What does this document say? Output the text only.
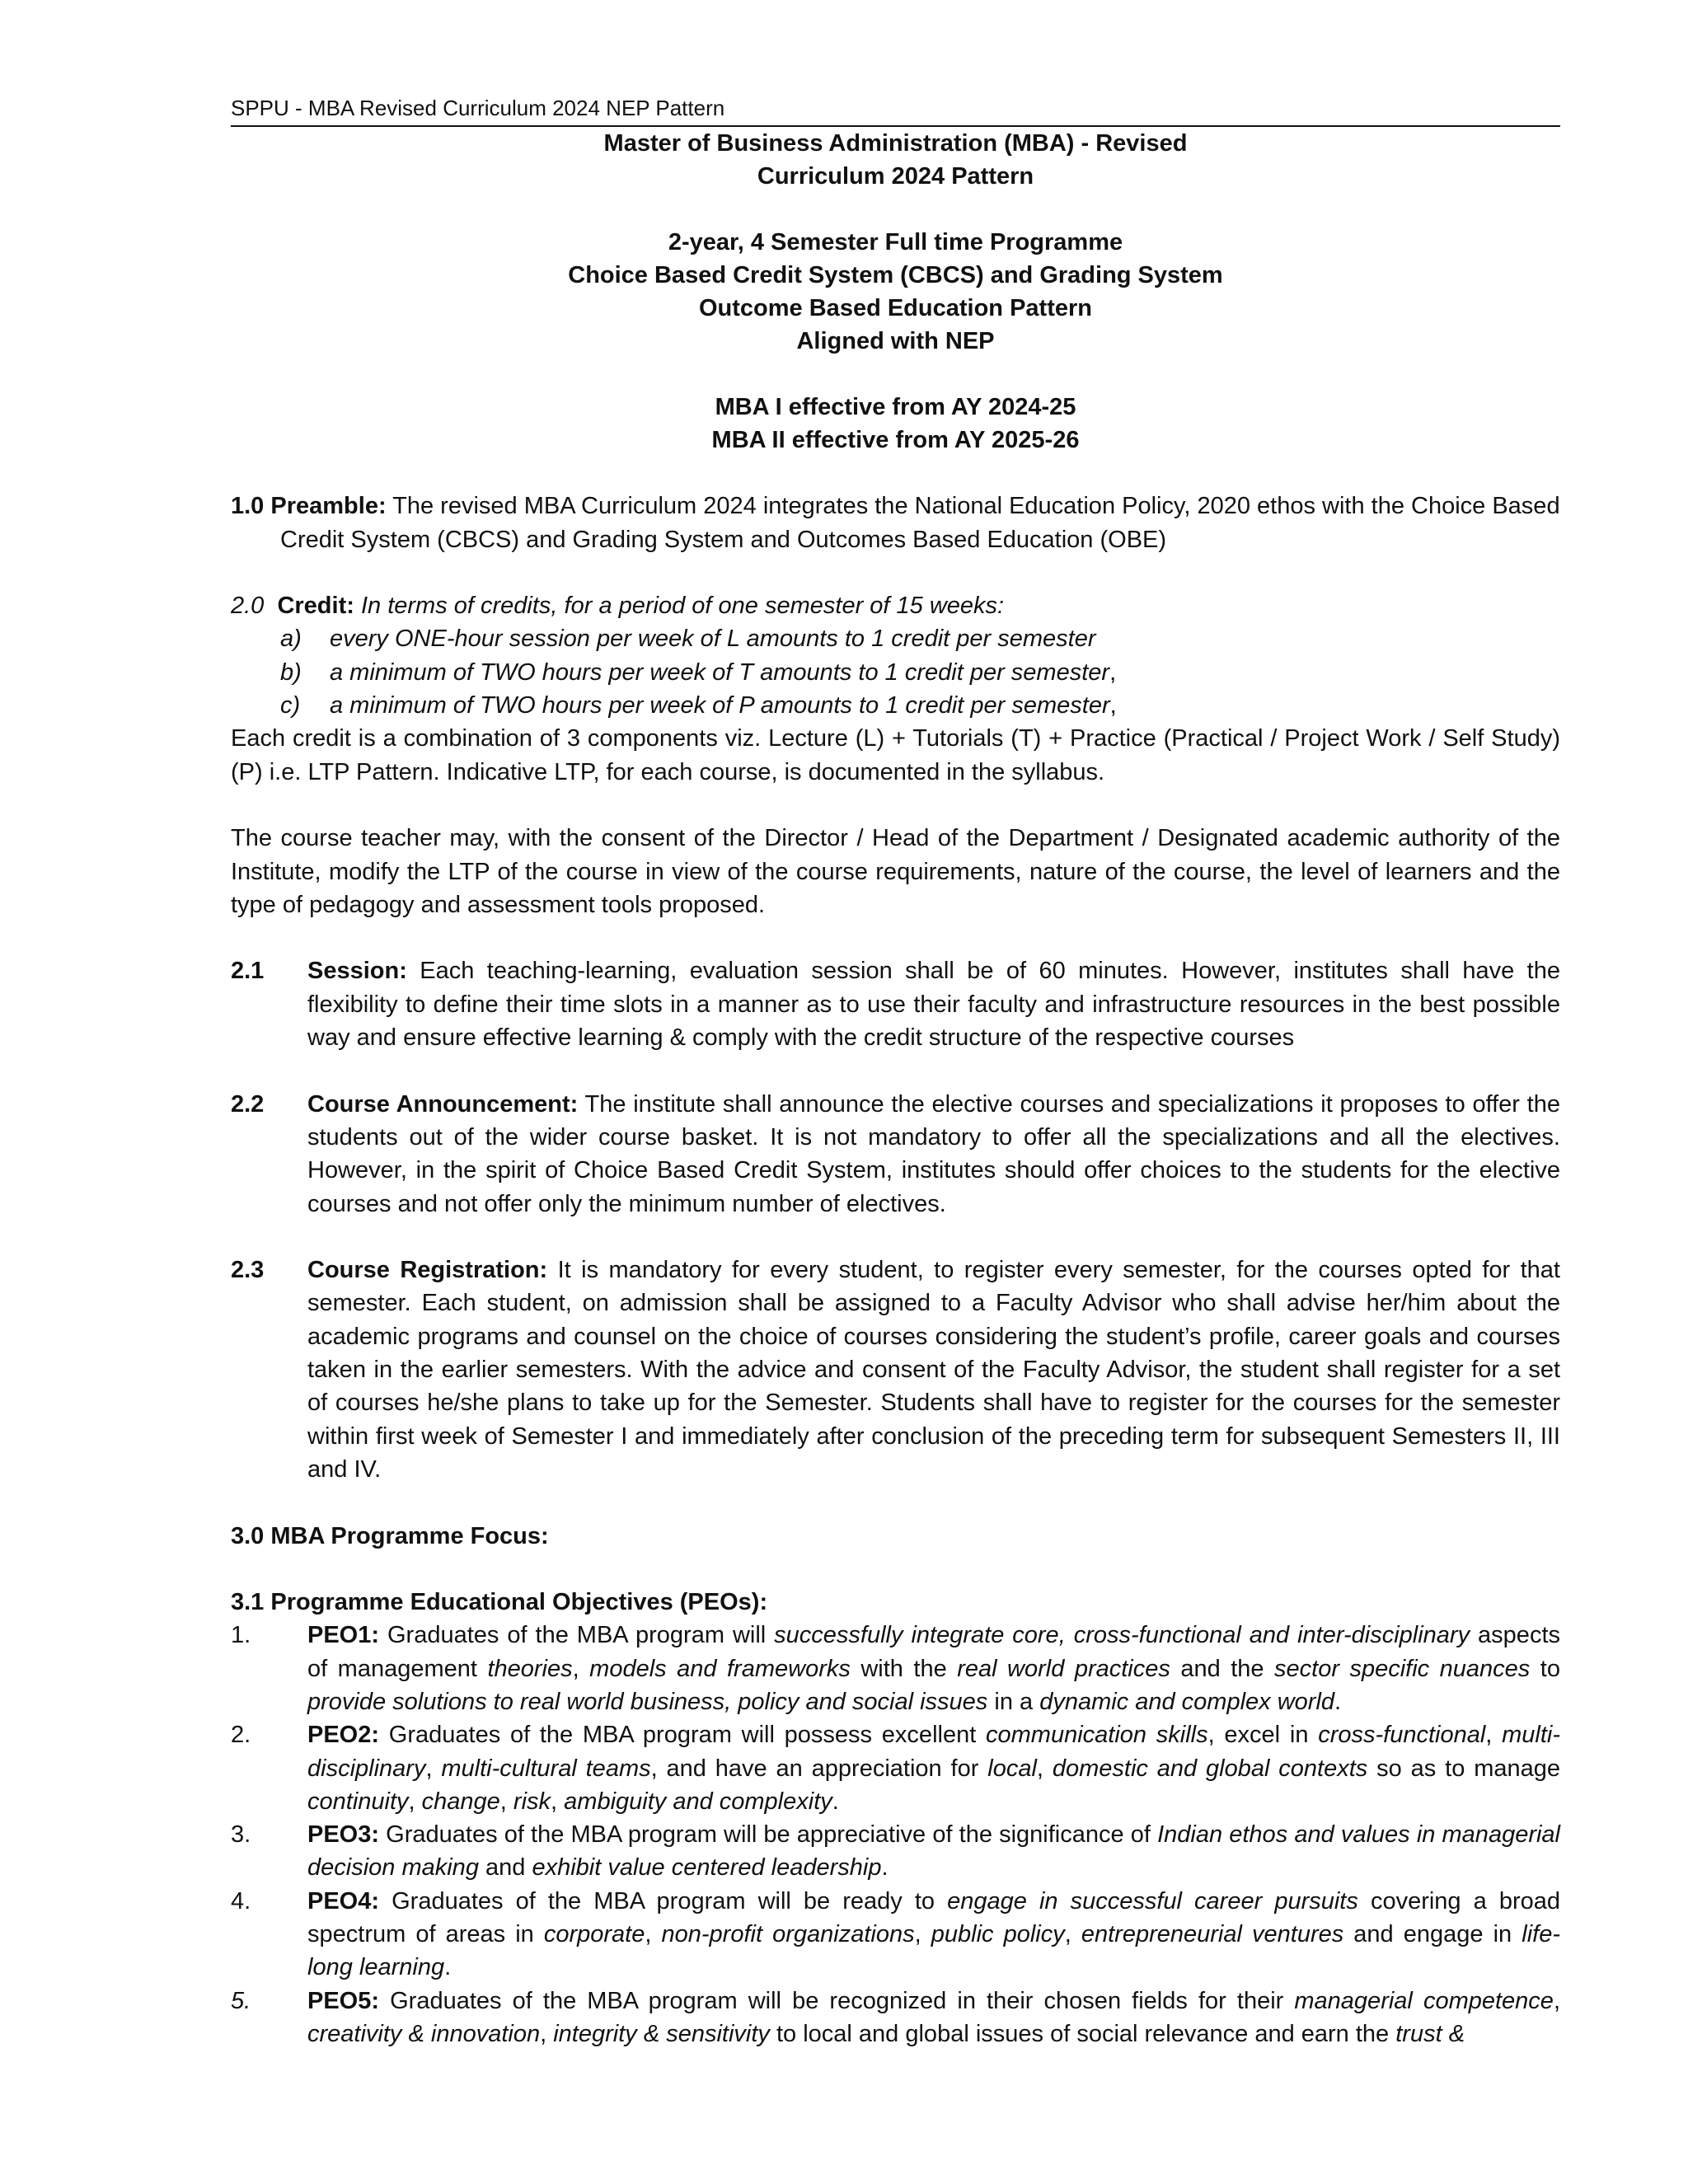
SPPU - MBA Revised Curriculum 2024 NEP Pattern
Master of Business Administration (MBA) - Revised
Curriculum 2024 Pattern
2-year, 4 Semester Full time Programme
Choice Based Credit System (CBCS) and Grading System
Outcome Based Education Pattern
Aligned with NEP
MBA I effective from AY 2024-25
MBA II effective from AY 2025-26

1.0 Preamble: The revised MBA Curriculum 2024 integrates the National Education Policy, 2020 ethos with the Choice Based Credit System (CBCS) and Grading System and Outcomes Based Education (OBE)

2.0 Credit: In terms of credits, for a period of one semester of 15 weeks:

a)	every ONE-hour session per week of L amounts to 1 credit per semester
b)	a minimum of TWO hours per week of T amounts to 1 credit per semester,
c)	a minimum of TWO hours per week of P amounts to 1 credit per semester,

Each credit is a combination of 3 components viz. Lecture (L) + Tutorials (T) + Practice (Practical / Project Work / Self Study) (P) i.e. LTP Pattern. Indicative LTP, for each course, is documented in the syllabus.

The course teacher may, with the consent of the Director / Head of the Department / Designated academic authority of the Institute, modify the LTP of the course in view of the course requirements, nature of the course, the level of learners and the type of pedagogy and assessment tools proposed.

2.1	Session: Each teaching-learning, evaluation session shall be of 60 minutes. However, institutes shall have the flexibility to define their time slots in a manner as to use their faculty and infrastructure resources in the best possible way and ensure effective learning & comply with the credit structure of the respective courses
2.2	Course Announcement: The institute shall announce the elective courses and specializations it proposes to offer the students out of the wider course basket. It is not mandatory to offer all the specializations and all the electives. However, in the spirit of Choice Based Credit System, institutes should offer choices to the students for the elective courses and not offer only the minimum number of electives.
2.3	Course Registration: It is mandatory for every student, to register every semester, for the courses opted for that semester. Each student, on admission shall be assigned to a Faculty Advisor who shall advise her/him about the academic programs and counsel on the choice of courses considering the student’s profile, career goals and courses taken in the earlier semesters. With the advice and consent of the Faculty Advisor, the student shall register for a set of courses he/she plans to take up for the Semester. Students shall have to register for the courses for the semester within first week of Semester I and immediately after conclusion of the preceding term for subsequent Semesters II, III and IV.

3.0 MBA Programme Focus:

3.1 Programme Educational Objectives (PEOs):

1.	PEO1: Graduates of the MBA program will successfully integrate core, cross-functional and inter-disciplinary aspects of management theories, models and frameworks with the real world practices and the sector specific nuances to provide solutions to real world business, policy and social issues in a dynamic and complex world.
2.	PEO2: Graduates of the MBA program will possess excellent communication skills, excel in cross-functional, multi-disciplinary, multi-cultural teams, and have an appreciation for local, domestic and global contexts so as to manage continuity, change, risk, ambiguity and complexity.
3.	PEO3: Graduates of the MBA program will be appreciative of the significance of Indian ethos and values in managerial decision making and exhibit value centered leadership.
4.	PEO4: Graduates of the MBA program will be ready to engage in successful career pursuits covering a broad spectrum of areas in corporate, non-profit organizations, public policy, entrepreneurial ventures and engage in life- long learning.
5.	PEO5: Graduates of the MBA program will be recognized in their chosen fields for their managerial competence, creativity & innovation, integrity & sensitivity to local and global issues of social relevance and earn the trust &
